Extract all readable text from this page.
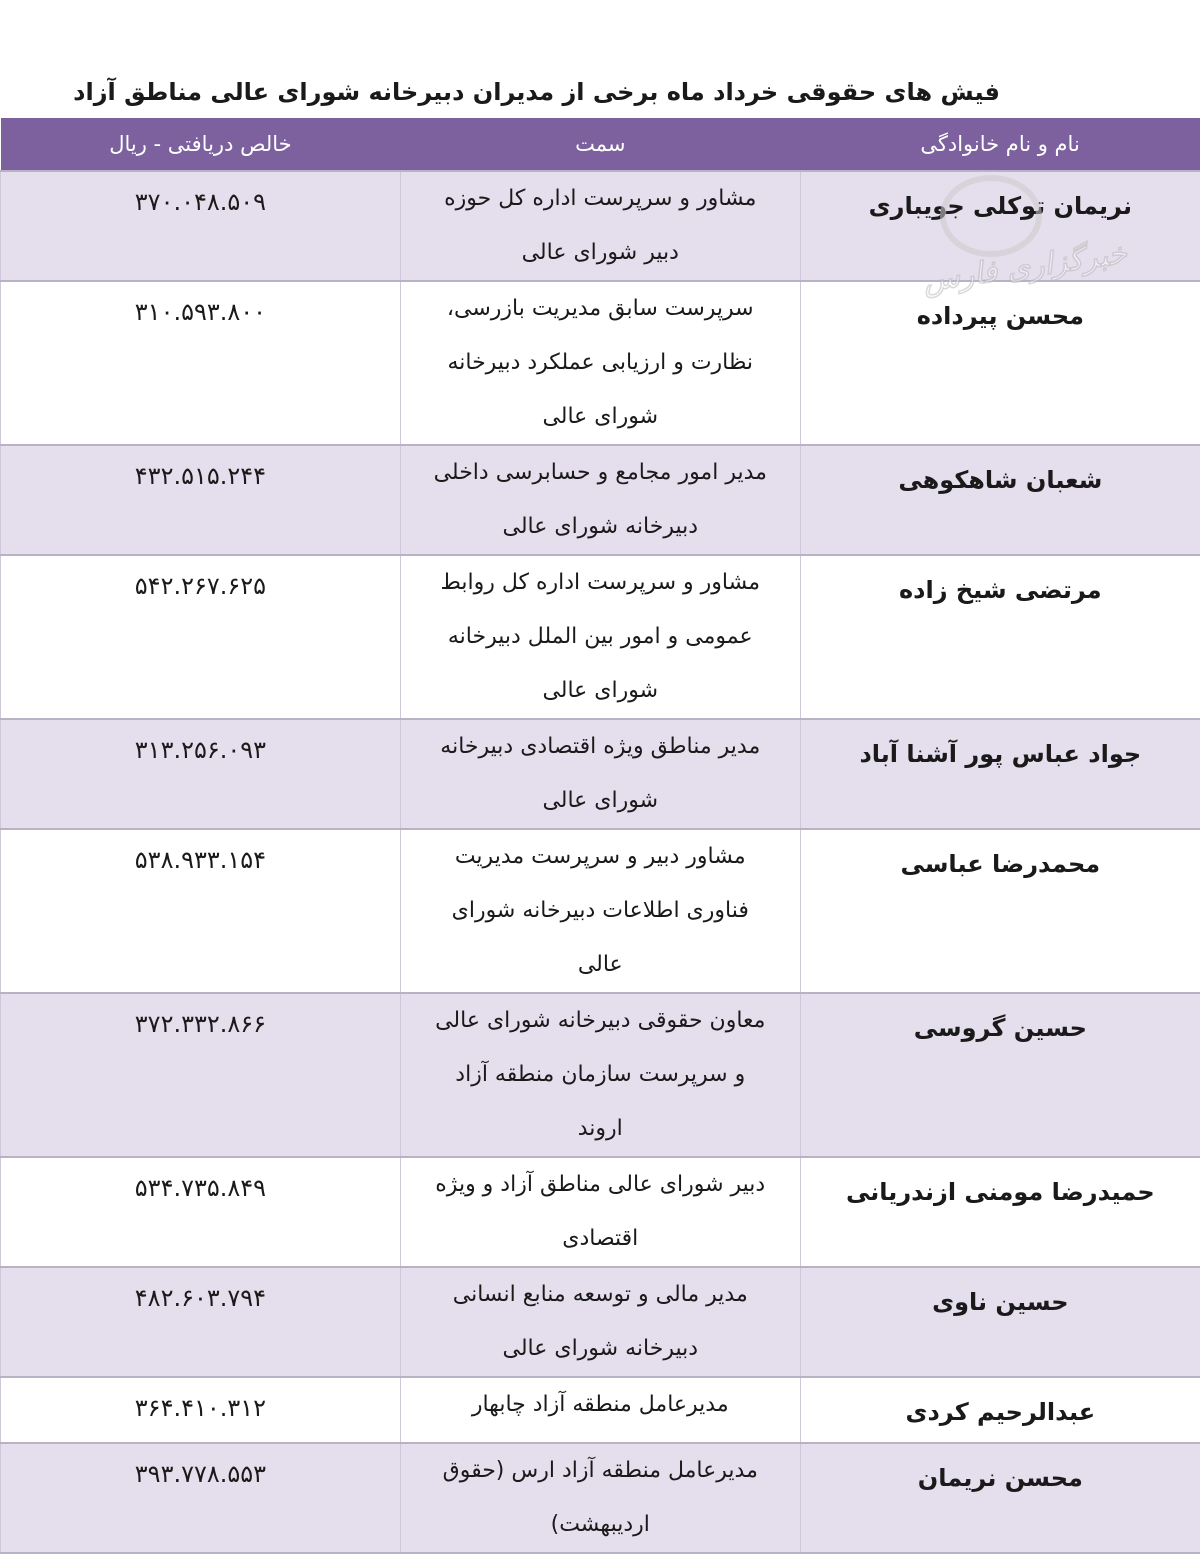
فیش های حقوقی خرداد ماه برخی از مدیران دبیرخانه شورای عالی مناطق آزاد
نام و نام خانوادگی	سمت	خالص دریافتی - ریال
نریمان توکلی جویباری	مشاور و سرپرست اداره کل حوزه دبیر شورای عالی	۳۷۰.۰۴۸.۵۰۹
محسن پیرداده	سرپرست سابق مدیریت بازرسی، نظارت و ارزیابی عملکرد دبیرخانه شورای عالی	۳۱۰.۵۹۳.۸۰۰
شعبان شاهکوهی	مدیر امور مجامع و حسابرسی داخلی دبیرخانه شورای عالی	۴۳۲.۵۱۵.۲۴۴
مرتضی شیخ زاده	مشاور و سرپرست اداره کل روابط عمومی و امور بین الملل دبیرخانه شورای عالی	۵۴۲.۲۶۷.۶۲۵
جواد عباس پور آشنا آباد	مدیر مناطق ویژه اقتصادی دبیرخانه شورای عالی	۳۱۳.۲۵۶.۰۹۳
محمدرضا عباسی	مشاور دبیر و سرپرست مدیریت فناوری اطلاعات دبیرخانه شورای عالی	۵۳۸.۹۳۳.۱۵۴
حسین گروسی	معاون حقوقی دبیرخانه شورای عالی و سرپرست سازمان منطقه آزاد اروند	۳۷۲.۳۳۲.۸۶۶
حمیدرضا مومنی ازندریانی	دبیر شورای عالی مناطق آزاد و ویژه اقتصادی	۵۳۴.۷۳۵.۸۴۹
حسین ناوی	مدیر مالی و توسعه منابع انسانی دبیرخانه شورای عالی	۴۸۲.۶۰۳.۷۹۴
عبدالرحیم کردی	مدیرعامل منطقه آزاد چابهار	۳۶۴.۴۱۰.۳۱۲
محسن نریمان	مدیرعامل منطقه آزاد ارس (حقوق اردیبهشت)	۳۹۳.۷۷۸.۵۵۳
خبرگزاری فارس
